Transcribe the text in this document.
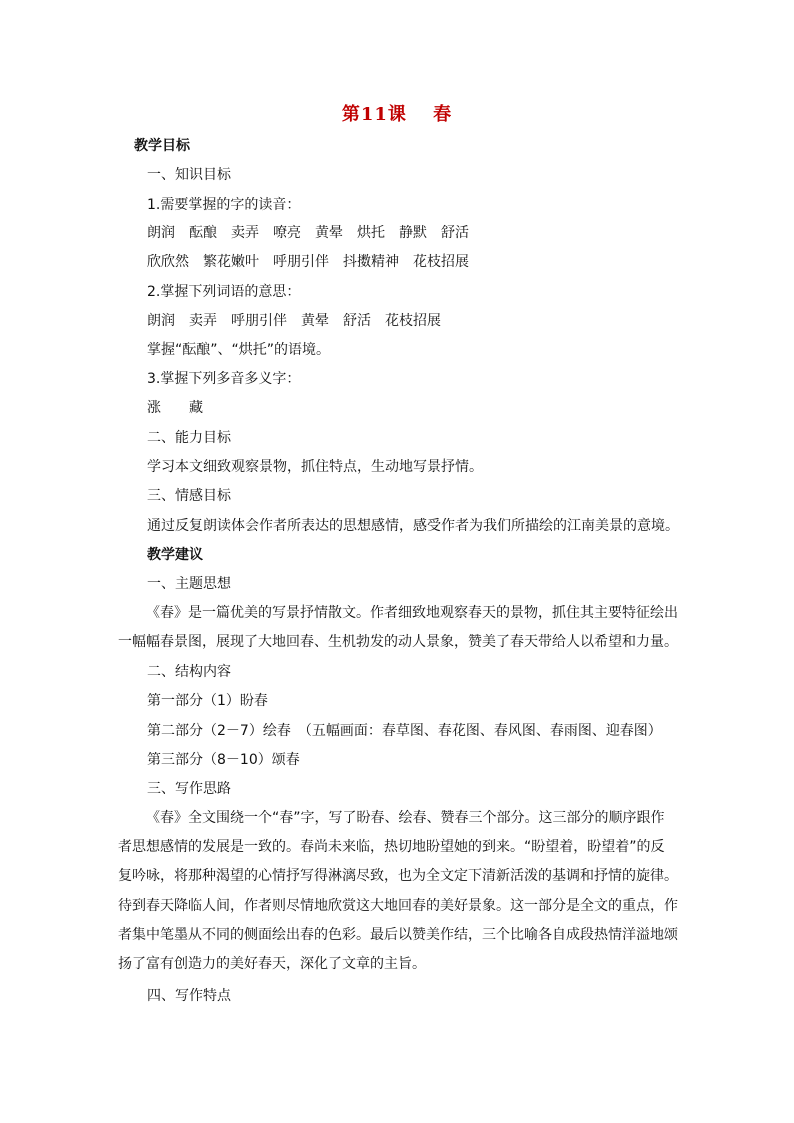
第11课　 春
教学目标
一、知识目标
1.需要掌握的字的读音：
朗润　酝酿　卖弄　嘹亮　黄晕　烘托　静默　舒活
欣欣然　繁花嫩叶　呼朋引伴　抖擞精神　花枝招展
2.掌握下列词语的意思：
朗润　卖弄　呼朋引伴　黄晕　舒活　花枝招展
掌握“酝酿”、“烘托”的语境。
3.掌握下列多音多义字：
涨　　藏
二、能力目标
学习本文细致观察景物，抓住特点，生动地写景抒情。
三、情感目标
通过反复朗读体会作者所表达的思想感情，感受作者为我们所描绘的江南美景的意境。
教学建议
一、主题思想
《春》是一篇优美的写景抒情散文。作者细致地观察春天的景物，抓住其主要特征绘出一幅幅春景图，展现了大地回春、生机勃发的动人景象，赞美了春天带给人以希望和力量。
二、结构内容
第一部分（1）盼春
第二部分（2－7）绘春　（五幅画面：春草图、春花图、春风图、春雨图、迎春图）
第三部分（8－10）颂春
三、写作思路
《春》全文围绕一个“春”字，写了盼春、绘春、赞春三个部分。这三部分的顺序跟作者思想感情的发展是一致的。春尚未来临，热切地盼望她的到来。“盼望着，盼望着”的反复吟咏，将那种渴望的心情抒写得淋漓尽致，也为全文定下清新活泼的基调和抒情的旋律。待到春天降临人间，作者则尽情地欣赏这大地回春的美好景象。这一部分是全文的重点，作者集中笔墨从不同的侧面绘出春的色彩。最后以赞美作结，三个比喻各自成段热情洋溢地颂扬了富有创造力的美好春天，深化了文章的主旨。
四、写作特点
